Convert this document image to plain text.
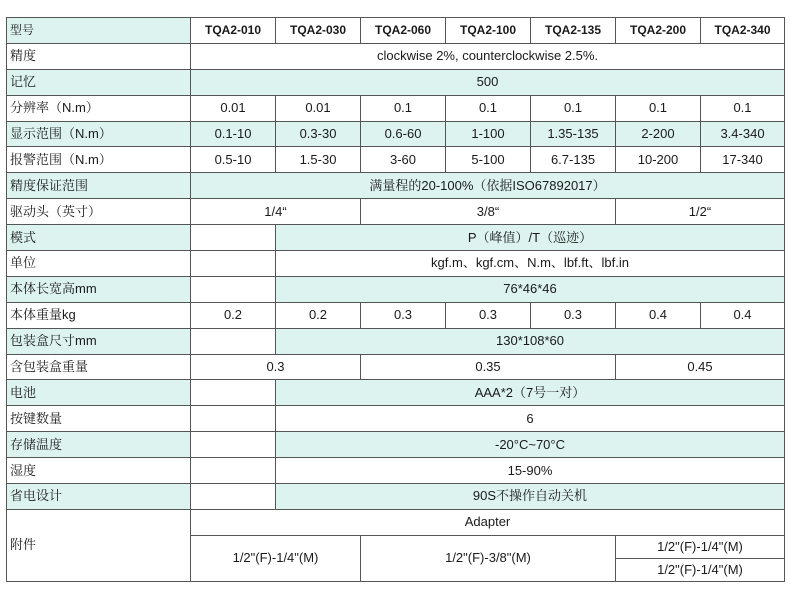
型号	TQA2-010	TQA2-030	TQA2-060	TQA2-100	TQA2-135	TQA2-200	TQA2-340
精度	clockwise 2%, counterclockwise 2.5%.						
记忆	500						
分辨率（N.m）	0.01	0.01	0.1	0.1	0.1	0.1	0.1
显示范围（N.m）	0.1-10	0.3-30	0.6-60	1-100	1.35-135	2-200	3.4-340
报警范围（N.m）	0.5-10	1.5-30	3-60	5-100	6.7-135	10-200	17-340
精度保证范围	满量程的20-100%（依据ISO67892017）						
驱动头（英寸）	1/4“		3/8“			1/2“	
模式		P（峰值）/T（巡迹）					
单位		kgf.m、kgf.cm、N.m、lbf.ft、lbf.in					
本体长宽高mm		76*46*46					
本体重量kg	0.2	0.2	0.3	0.3	0.3	0.4	0.4
包装盒尺寸mm		130*108*60					
含包装盒重量	0.3		0.35			0.45	
电池		AAA*2（7号一对）					
按键数量		6					
存储温度		-20°C~70°C					
湿度		15-90%					
省电设计		90S不操作自动关机					
附件	Adapter						
	1/2"(F)-1/4"(M)		1/2"(F)-3/8"(M)			1/2"(F)-1/4"(M)	
						1/2"(F)-1/4"(M)	
